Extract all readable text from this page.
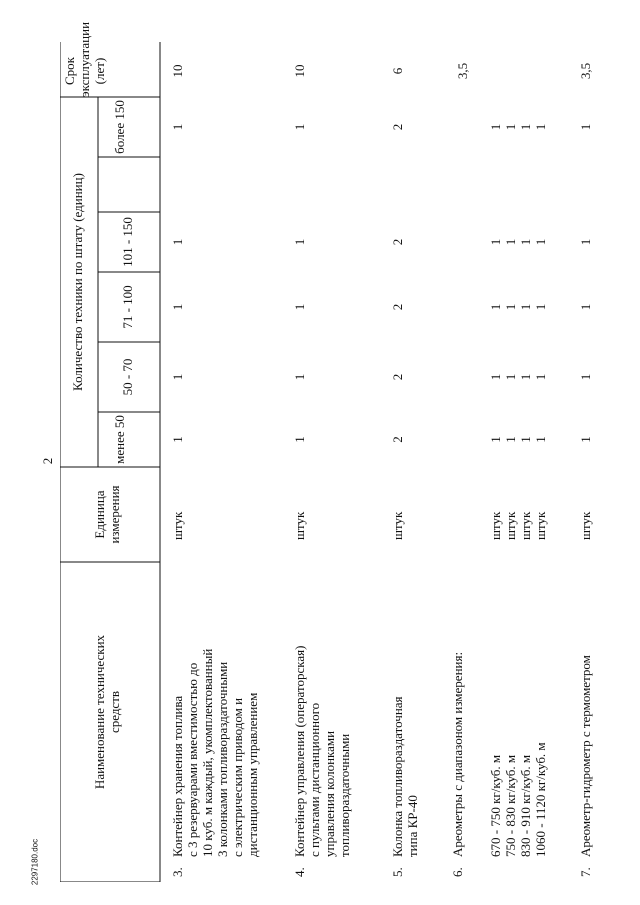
2
2297180.doc
Наименование технических средств
Единица измерения
Количество техники по штату (единиц)
менее 50
50 - 70
71 - 100
101 - 150
более 150
Срок эксплуатации (лет)
3.
Контейнер хранения топлива с 3 резервуарами вместимостью до 10 куб. м каждый, укомплектованный 3 колонками топливораздаточными с электрическим приводом и дистанционным управлением
штук
1
1
1
1
1
10
4.
Контейнер управления (операторская) с пультами дистанционного управления колонками топливораздаточными
штук
1
1
1
1
1
10
5.
Колонка топливораздаточная типа КР-40
штук
2
2
2
2
2
6
6.
Ареометры с диапазоном измерения:
3,5
670 - 750 кг/куб. м
штук
1
1
1
1
1
750 - 830 кг/куб. м
штук
1
1
1
1
1
830 - 910 кг/куб. м
штук
1
1
1
1
1
1060 - 1120 кг/куб. м
штук
1
1
1
1
1
7.
Ареометр-гидрометр с термометром
штук
1
1
1
1
1
3,5
